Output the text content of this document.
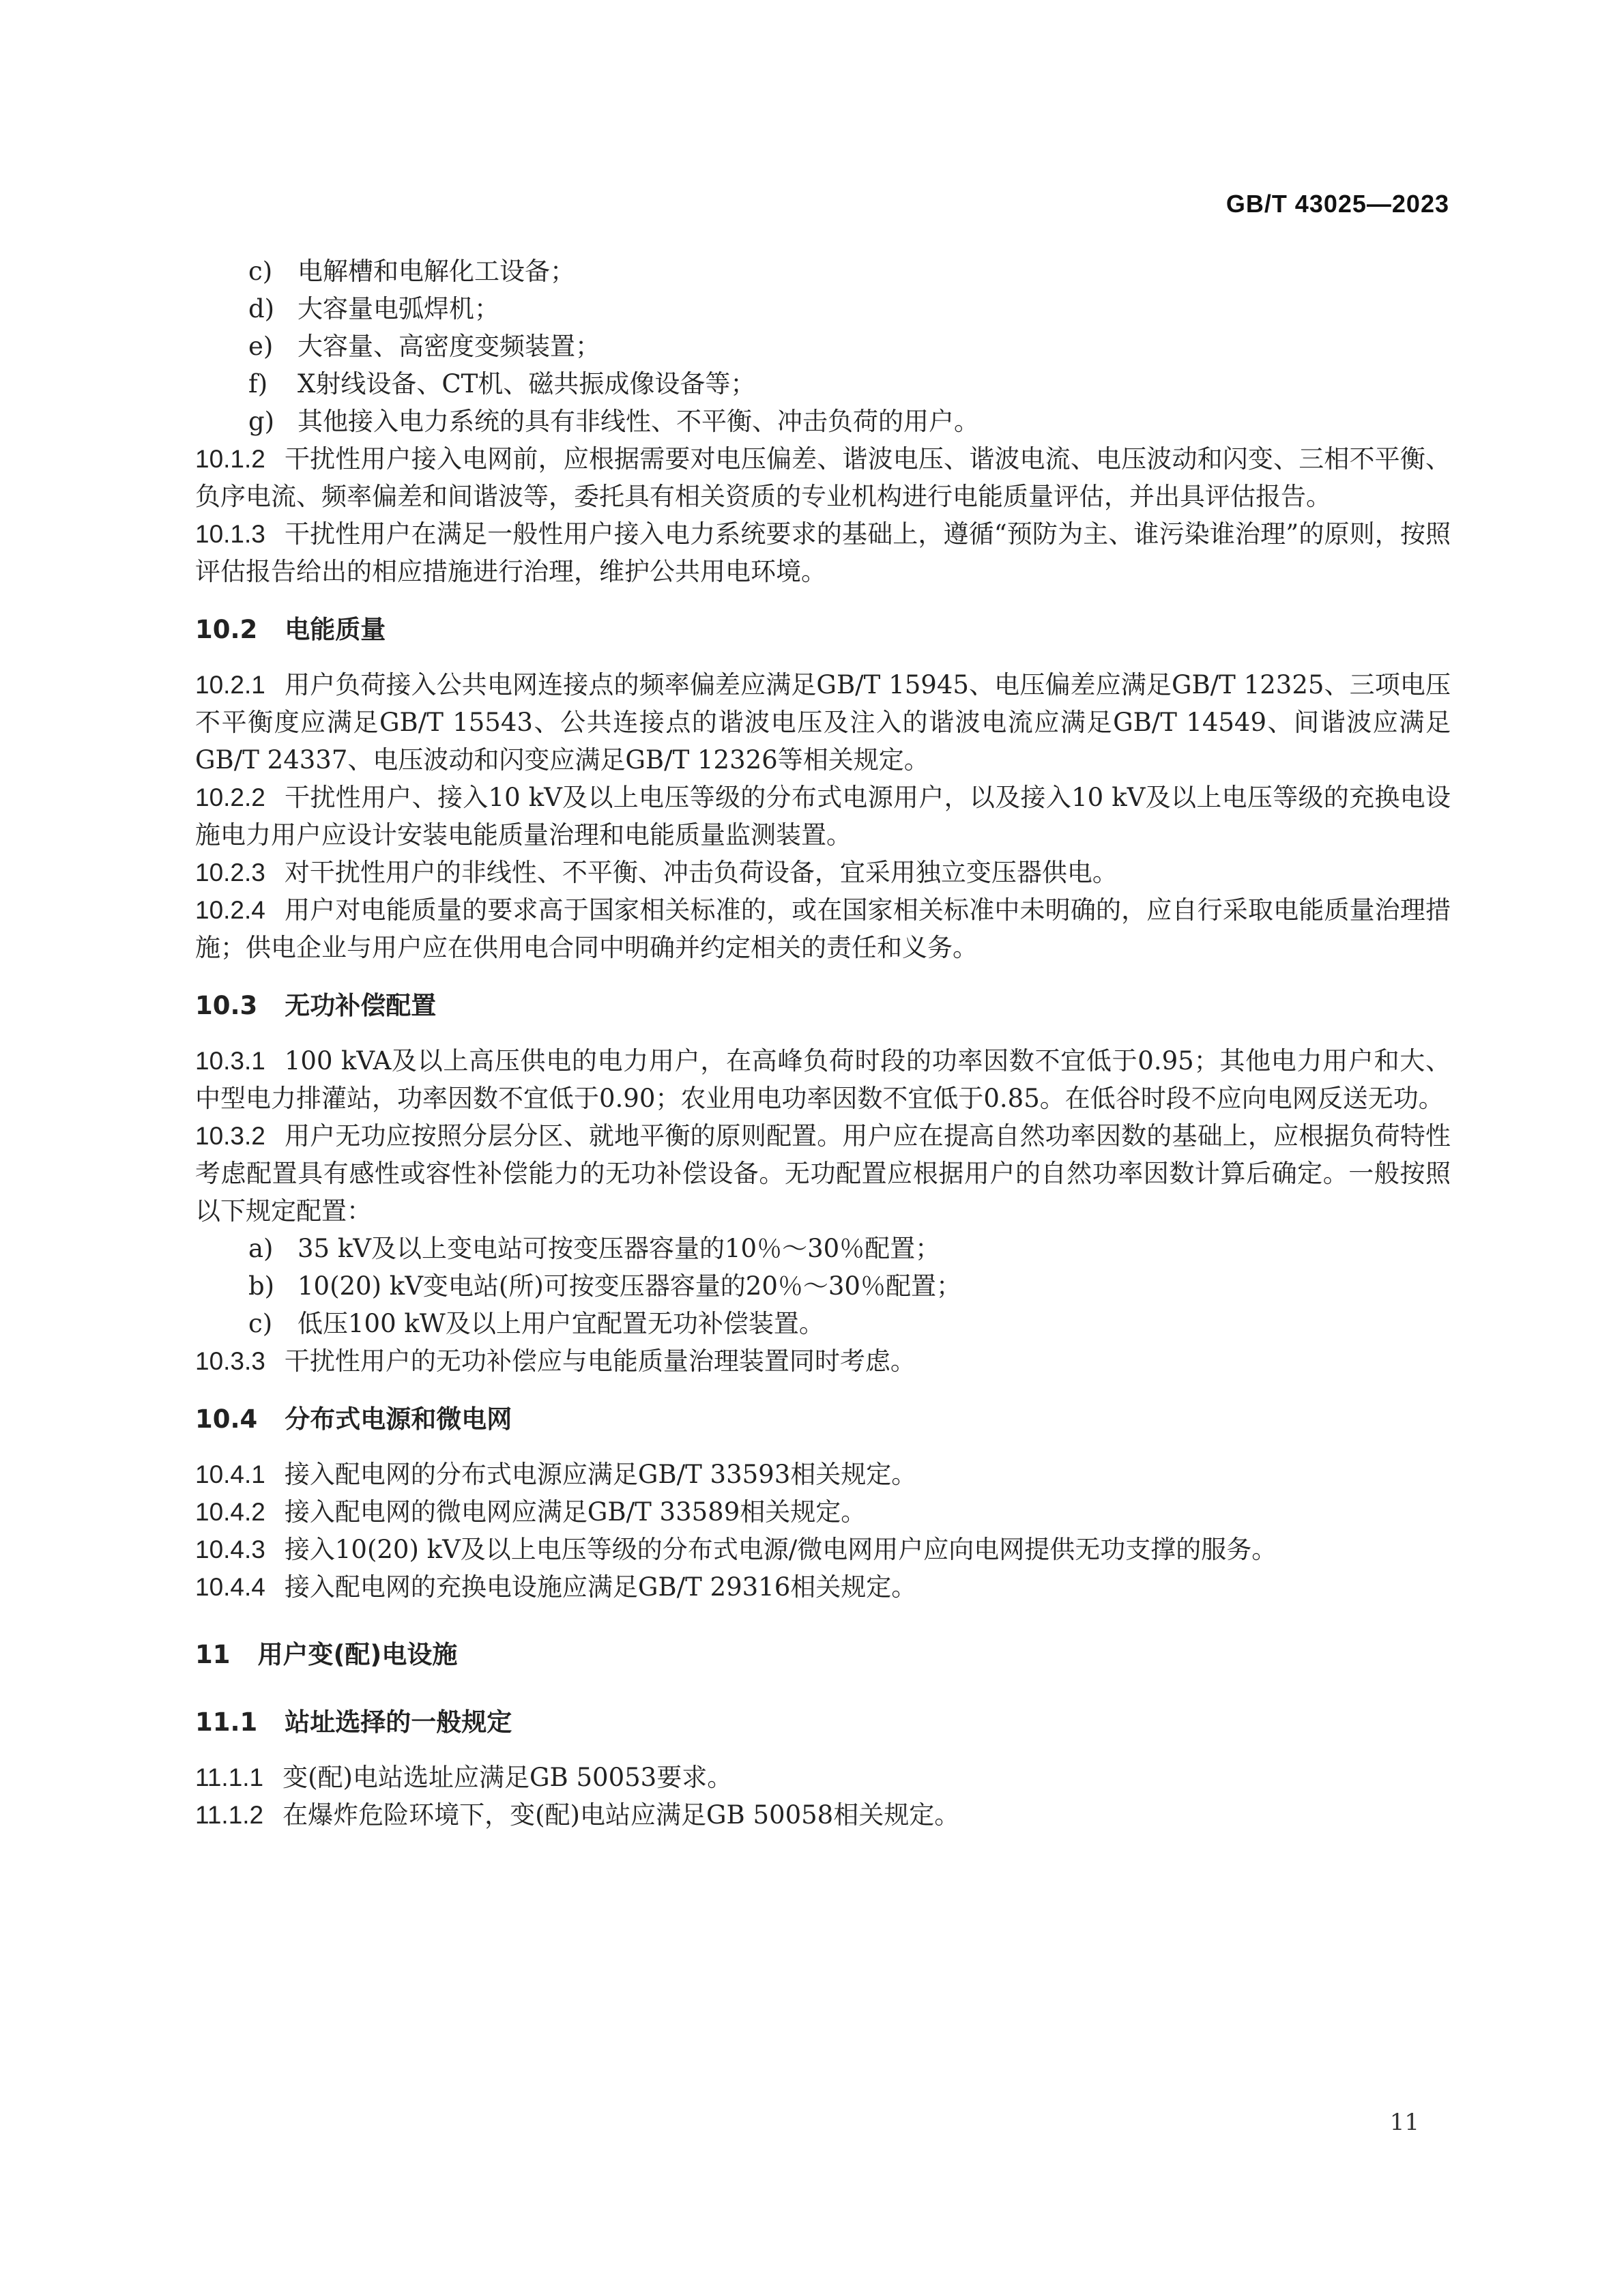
GB/T 43025—2023
c) 电解槽和电解化工设备；
d) 大容量电弧焊机；
e) 大容量、高密度变频装置；
f) X射线设备、CT机、磁共振成像设备等；
g) 其他接入电力系统的具有非线性、不平衡、冲击负荷的用户。
10.1.2 干扰性用户接入电网前，应根据需要对电压偏差、谐波电压、谐波电流、电压波动和闪变、三相不平衡、负序电流、频率偏差和间谐波等，委托具有相关资质的专业机构进行电能质量评估，并出具评估报告。
10.1.3 干扰性用户在满足一般性用户接入电力系统要求的基础上，遵循“预防为主、谁污染谁治理”的原则，按照评估报告给出的相应措施进行治理，维护公共用电环境。
10.2 电能质量
10.2.1 用户负荷接入公共电网连接点的频率偏差应满足GB/T 15945、电压偏差应满足GB/T 12325、三项电压不平衡度应满足GB/T 15543、公共连接点的谐波电压及注入的谐波电流应满足GB/T 14549、间谐波应满足GB/T 24337、电压波动和闪变应满足GB/T 12326等相关规定。
10.2.2 干扰性用户、接入10 kV及以上电压等级的分布式电源用户，以及接入10 kV及以上电压等级的充换电设施电力用户应设计安装电能质量治理和电能质量监测装置。
10.2.3 对干扰性用户的非线性、不平衡、冲击负荷设备，宜采用独立变压器供电。
10.2.4 用户对电能质量的要求高于国家相关标准的，或在国家相关标准中未明确的，应自行采取电能质量治理措施；供电企业与用户应在供用电合同中明确并约定相关的责任和义务。
10.3 无功补偿配置
10.3.1 100 kVA及以上高压供电的电力用户，在高峰负荷时段的功率因数不宜低于0.95；其他电力用户和大、中型电力排灌站，功率因数不宜低于0.90；农业用电功率因数不宜低于0.85。在低谷时段不应向电网反送无功。
10.3.2 用户无功应按照分层分区、就地平衡的原则配置。用户应在提高自然功率因数的基础上，应根据负荷特性考虑配置具有感性或容性补偿能力的无功补偿设备。无功配置应根据用户的自然功率因数计算后确定。一般按照以下规定配置：
a) 35 kV及以上变电站可按变压器容量的10％～30％配置；
b) 10(20) kV变电站(所)可按变压器容量的20％～30％配置；
c) 低压100 kW及以上用户宜配置无功补偿装置。
10.3.3 干扰性用户的无功补偿应与电能质量治理装置同时考虑。
10.4 分布式电源和微电网
10.4.1 接入配电网的分布式电源应满足GB/T 33593相关规定。
10.4.2 接入配电网的微电网应满足GB/T 33589相关规定。
10.4.3 接入10(20) kV及以上电压等级的分布式电源/微电网用户应向电网提供无功支撑的服务。
10.4.4 接入配电网的充换电设施应满足GB/T 29316相关规定。
11 用户变(配)电设施
11.1 站址选择的一般规定
11.1.1 变(配)电站选址应满足GB 50053要求。
11.1.2 在爆炸危险环境下，变(配)电站应满足GB 50058相关规定。
11
